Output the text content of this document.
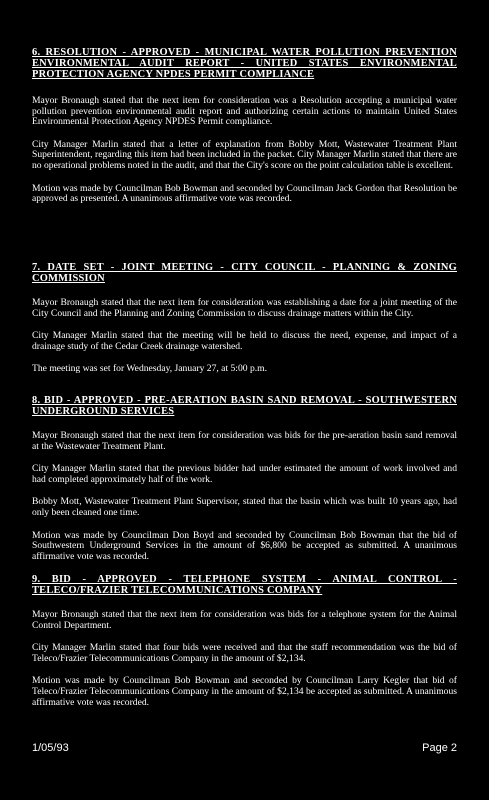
6. RESOLUTION - APPROVED - MUNICIPAL WATER POLLUTION PREVENTION ENVIRONMENTAL AUDIT REPORT - UNITED STATES ENVIRONMENTAL PROTECTION AGENCY NPDES PERMIT COMPLIANCE

Mayor Bronaugh stated that the next item for consideration was a Resolution accepting a municipal water pollution prevention environmental audit report and authorizing certain actions to maintain United States Environmental Protection Agency NPDES Permit compliance.

City Manager Marlin stated that a letter of explanation from Bobby Mott, Wastewater Treatment Plant Superintendent, regarding this item had been included in the packet. City Manager Marlin stated that there are no operational problems noted in the audit, and that the City's score on the point calculation table is excellent.

Motion was made by Councilman Bob Bowman and seconded by Councilman Jack Gordon that Resolution be approved as presented. A unanimous affirmative vote was recorded.

7. DATE SET - JOINT MEETING - CITY COUNCIL - PLANNING & ZONING COMMISSION

Mayor Bronaugh stated that the next item for consideration was establishing a date for a joint meeting of the City Council and the Planning and Zoning Commission to discuss drainage matters within the City.

City Manager Marlin stated that the meeting will be held to discuss the need, expense, and impact of a drainage study of the Cedar Creek drainage watershed.

The meeting was set for Wednesday, January 27, at 5:00 p.m.

8. BID - APPROVED - PRE-AERATION BASIN SAND REMOVAL - SOUTHWESTERN UNDERGROUND SERVICES

Mayor Bronaugh stated that the next item for consideration was bids for the pre-aeration basin sand removal at the Wastewater Treatment Plant.

City Manager Marlin stated that the previous bidder had under estimated the amount of work involved and had completed approximately half of the work.

Bobby Mott, Wastewater Treatment Plant Supervisor, stated that the basin which was built 10 years ago, had only been cleaned one time.

Motion was made by Councilman Don Boyd and seconded by Councilman Bob Bowman that the bid of Southwestern Underground Services in the amount of $6,800 be accepted as submitted. A unanimous affirmative vote was recorded.

9. BID - APPROVED - TELEPHONE SYSTEM - ANIMAL CONTROL - TELECO/FRAZIER TELECOMMUNICATIONS COMPANY

Mayor Bronaugh stated that the next item for consideration was bids for a telephone system for the Animal Control Department.

City Manager Marlin stated that four bids were received and that the staff recommendation was the bid of Teleco/Frazier Telecommunications Company in the amount of $2,134.

Motion was made by Councilman Bob Bowman and seconded by Councilman Larry Kegler that bid of Teleco/Frazier Telecommunications Company in the amount of $2,134 be accepted as submitted. A unanimous affirmative vote was recorded.

1/05/93	Page 2
